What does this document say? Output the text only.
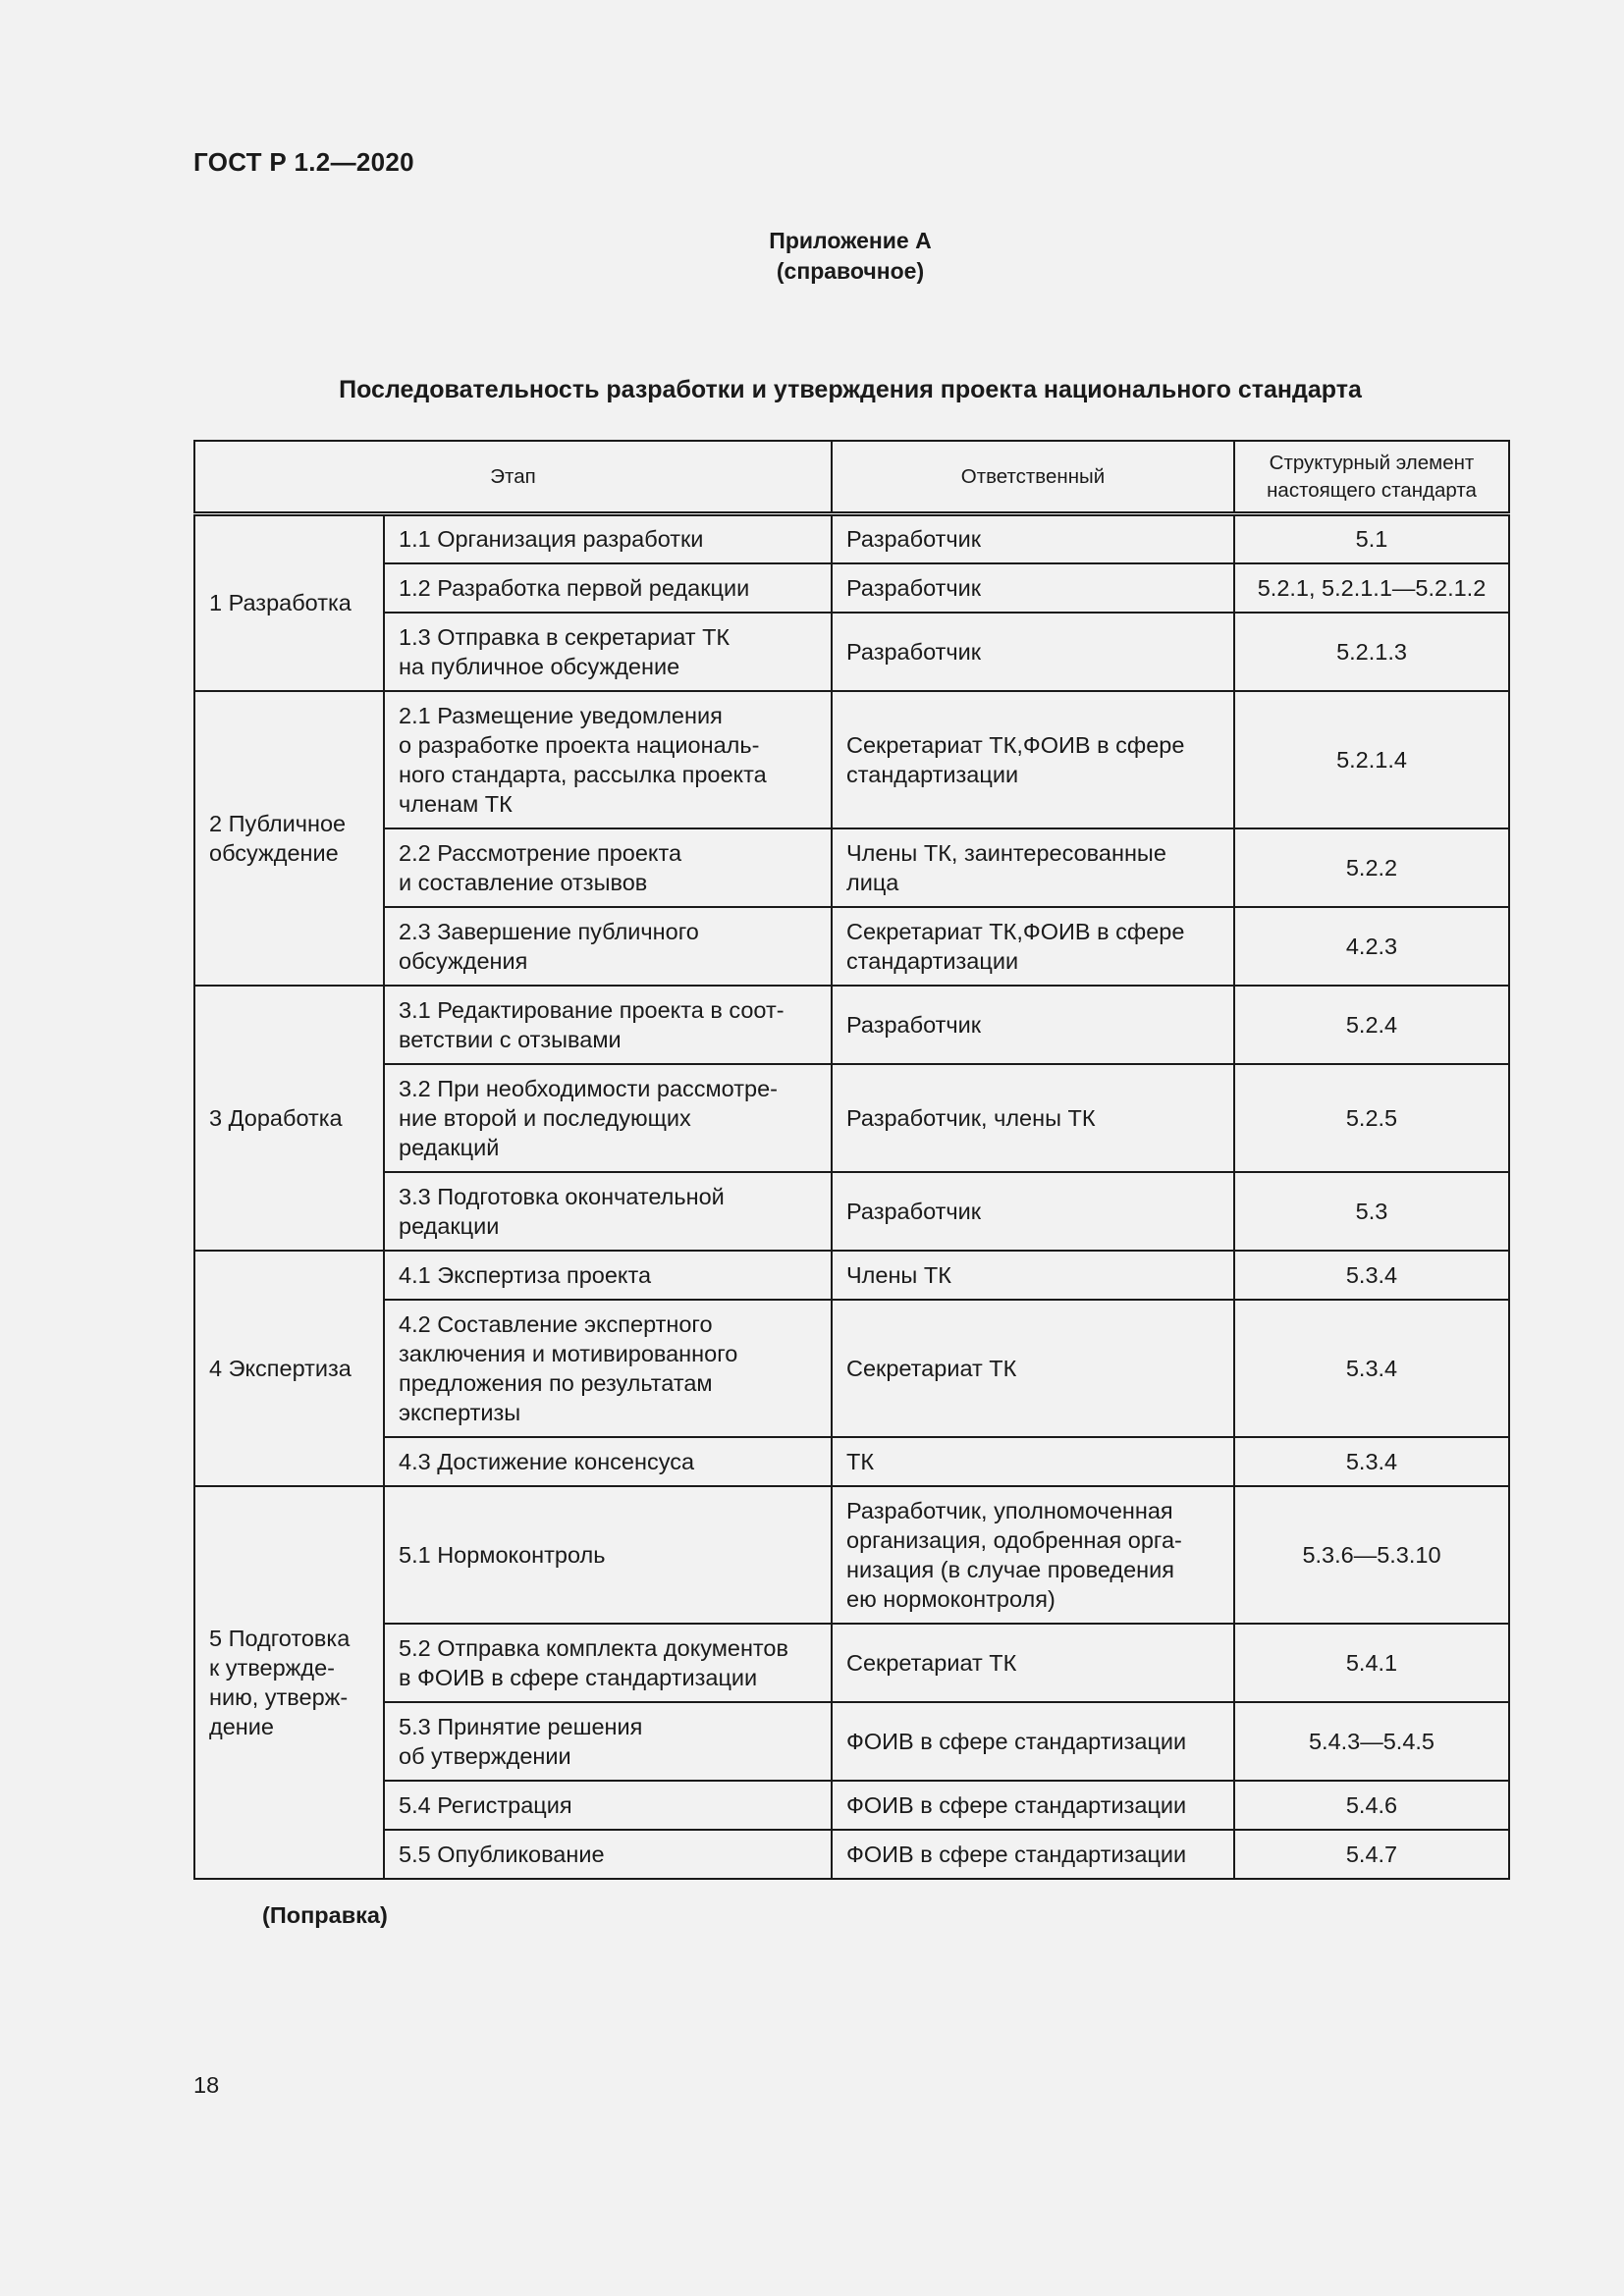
ГОСТ Р 1.2—2020
Приложение А
(справочное)
Последовательность разработки и утверждения проекта национального стандарта
Этап		Ответственный	Структурный элемент
настоящего стандарта
1 Разработка	1.1 Организация разработки	Разработчик	5.1
	1.2 Разработка первой редакции	Разработчик	5.2.1, 5.2.1.1—5.2.1.2
	1.3 Отправка в секретариат ТК
на публичное обсуждение	Разработчик	5.2.1.3
2 Публичное
обсуждение	2.1 Размещение уведомления
о разработке проекта националь-
ного стандарта, рассылка проекта
членам ТК	Секретариат ТК,ФОИВ в сфере
стандартизации	5.2.1.4
	2.2 Рассмотрение проекта
и составление отзывов	Члены ТК, заинтересованные
лица	5.2.2
	2.3 Завершение публичного
обсуждения	Секретариат ТК,ФОИВ в сфере
стандартизации	4.2.3
3 Доработка	3.1 Редактирование проекта в соот-
ветствии с отзывами	Разработчик	5.2.4
	3.2 При необходимости рассмотре-
ние второй и последующих
редакций	Разработчик, члены ТК	5.2.5
	3.3 Подготовка окончательной
редакции	Разработчик	5.3
4 Экспертиза	4.1 Экспертиза проекта	Члены ТК	5.3.4
	4.2 Составление экспертного
заключения и мотивированного
предложения по результатам
экспертизы	Секретариат ТК	5.3.4
	4.3 Достижение консенсуса	ТК	5.3.4
5 Подготовка
к утвержде-
нию, утверж-
дение	5.1 Нормоконтроль	Разработчик, уполномоченная
организация, одобренная орга-
низация (в случае проведения
ею нормоконтроля)	5.3.6—5.3.10
	5.2 Отправка комплекта документов
в ФОИВ в сфере стандартизации	Секретариат ТК	5.4.1
	5.3 Принятие решения
об утверждении	ФОИВ в сфере стандартизации	5.4.3—5.4.5
	5.4 Регистрация	ФОИВ в сфере стандартизации	5.4.6
	5.5 Опубликование	ФОИВ в сфере стандартизации	5.4.7
(Поправка)
18
